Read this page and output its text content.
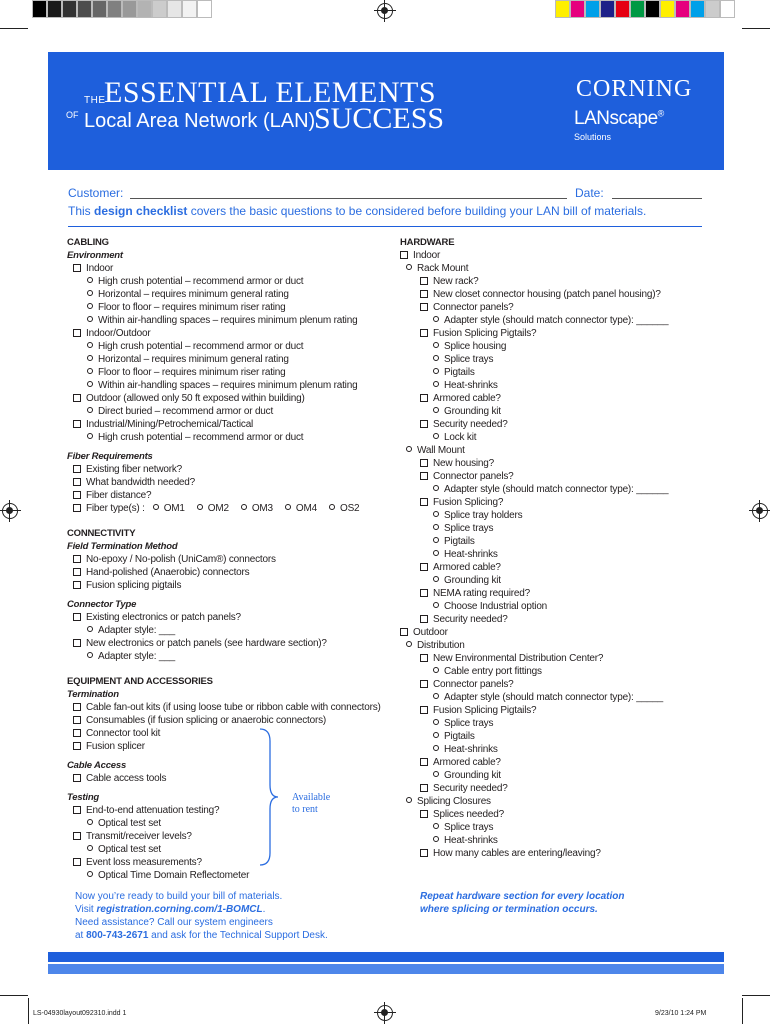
THE
ESSENTIAL ELEMENTS
OF Local Area Network (LAN)
SUCCESS
CORNING
LANscape®
Solutions
Customer:	Date:
This design checklist covers the basic questions to be considered before building your LAN bill of materials.
CABLING
Environment
Indoor
High crush potential – recommend armor or duct
Horizontal – requires minimum general rating
Floor to floor – requires minimum riser rating
Within air-handling spaces – requires minimum plenum rating
Indoor/Outdoor
High crush potential – recommend armor or duct
Horizontal – requires minimum general rating
Floor to floor – requires minimum riser rating
Within air-handling spaces – requires minimum plenum rating
Outdoor (allowed only 50 ft exposed within building)
Direct buried – recommend armor or duct
Industrial/Mining/Petrochemical/Tactical
High crush potential – recommend armor or duct
Fiber Requirements
Existing fiber network?
What bandwidth needed?
Fiber distance?
Fiber type(s) : OM1 OM2 OM3 OM4 OS2
CONNECTIVITY
Field Termination Method
No-epoxy / No-polish (UniCam®) connectors
Hand-polished (Anaerobic) connectors
Fusion splicing pigtails
Connector Type
Existing electronics or patch panels?
Adapter style: ___
New electronics or patch panels (see hardware section)?
Adapter style: ___
EQUIPMENT AND ACCESSORIES
Termination
Cable fan-out kits (if using loose tube or ribbon cable with connectors)
Consumables (if fusion splicing or anaerobic connectors)
Connector tool kit
Fusion splicer
Cable Access
Cable access tools
Testing
End-to-end attenuation testing?
Optical test set
Transmit/receiver levels?
Optical test set
Event loss measurements?
Optical Time Domain Reflectometer
HARDWARE
Indoor
Rack Mount
New rack?
New closet connector housing (patch panel housing)?
Connector panels?
Adapter style (should match connector type): ______
Fusion Splicing Pigtails?
Splice housing
Splice trays
Pigtails
Heat-shrinks
Armored cable?
Grounding kit
Security needed?
Lock kit
Wall Mount
New housing?
Connector panels?
Adapter style (should match connector type): ______
Fusion Splicing?
Splice tray holders
Splice trays
Pigtails
Heat-shrinks
Armored cable?
Grounding kit
NEMA rating required?
Choose Industrial option
Security needed?
Outdoor
Distribution
New Environmental Distribution Center?
Cable entry port fittings
Connector panels?
Adapter style (should match connector type): _____
Fusion Splicing Pigtails?
Splice trays
Pigtails
Heat-shrinks
Armored cable?
Grounding kit
Security needed?
Splicing Closures
Splices needed?
Splice trays
Heat-shrinks
How many cables are entering/leaving?
Available
to rent
Now you’re ready to build your bill of materials.
Visit registration.corning.com/1-BOMCL.
Need assistance? Call our system engineers
at 800-743-2671 and ask for the Technical Support Desk.
Repeat hardware section for every location
where splicing or termination occurs.
LS-04930layout092310.indd 1	9/23/10 1:24 PM
